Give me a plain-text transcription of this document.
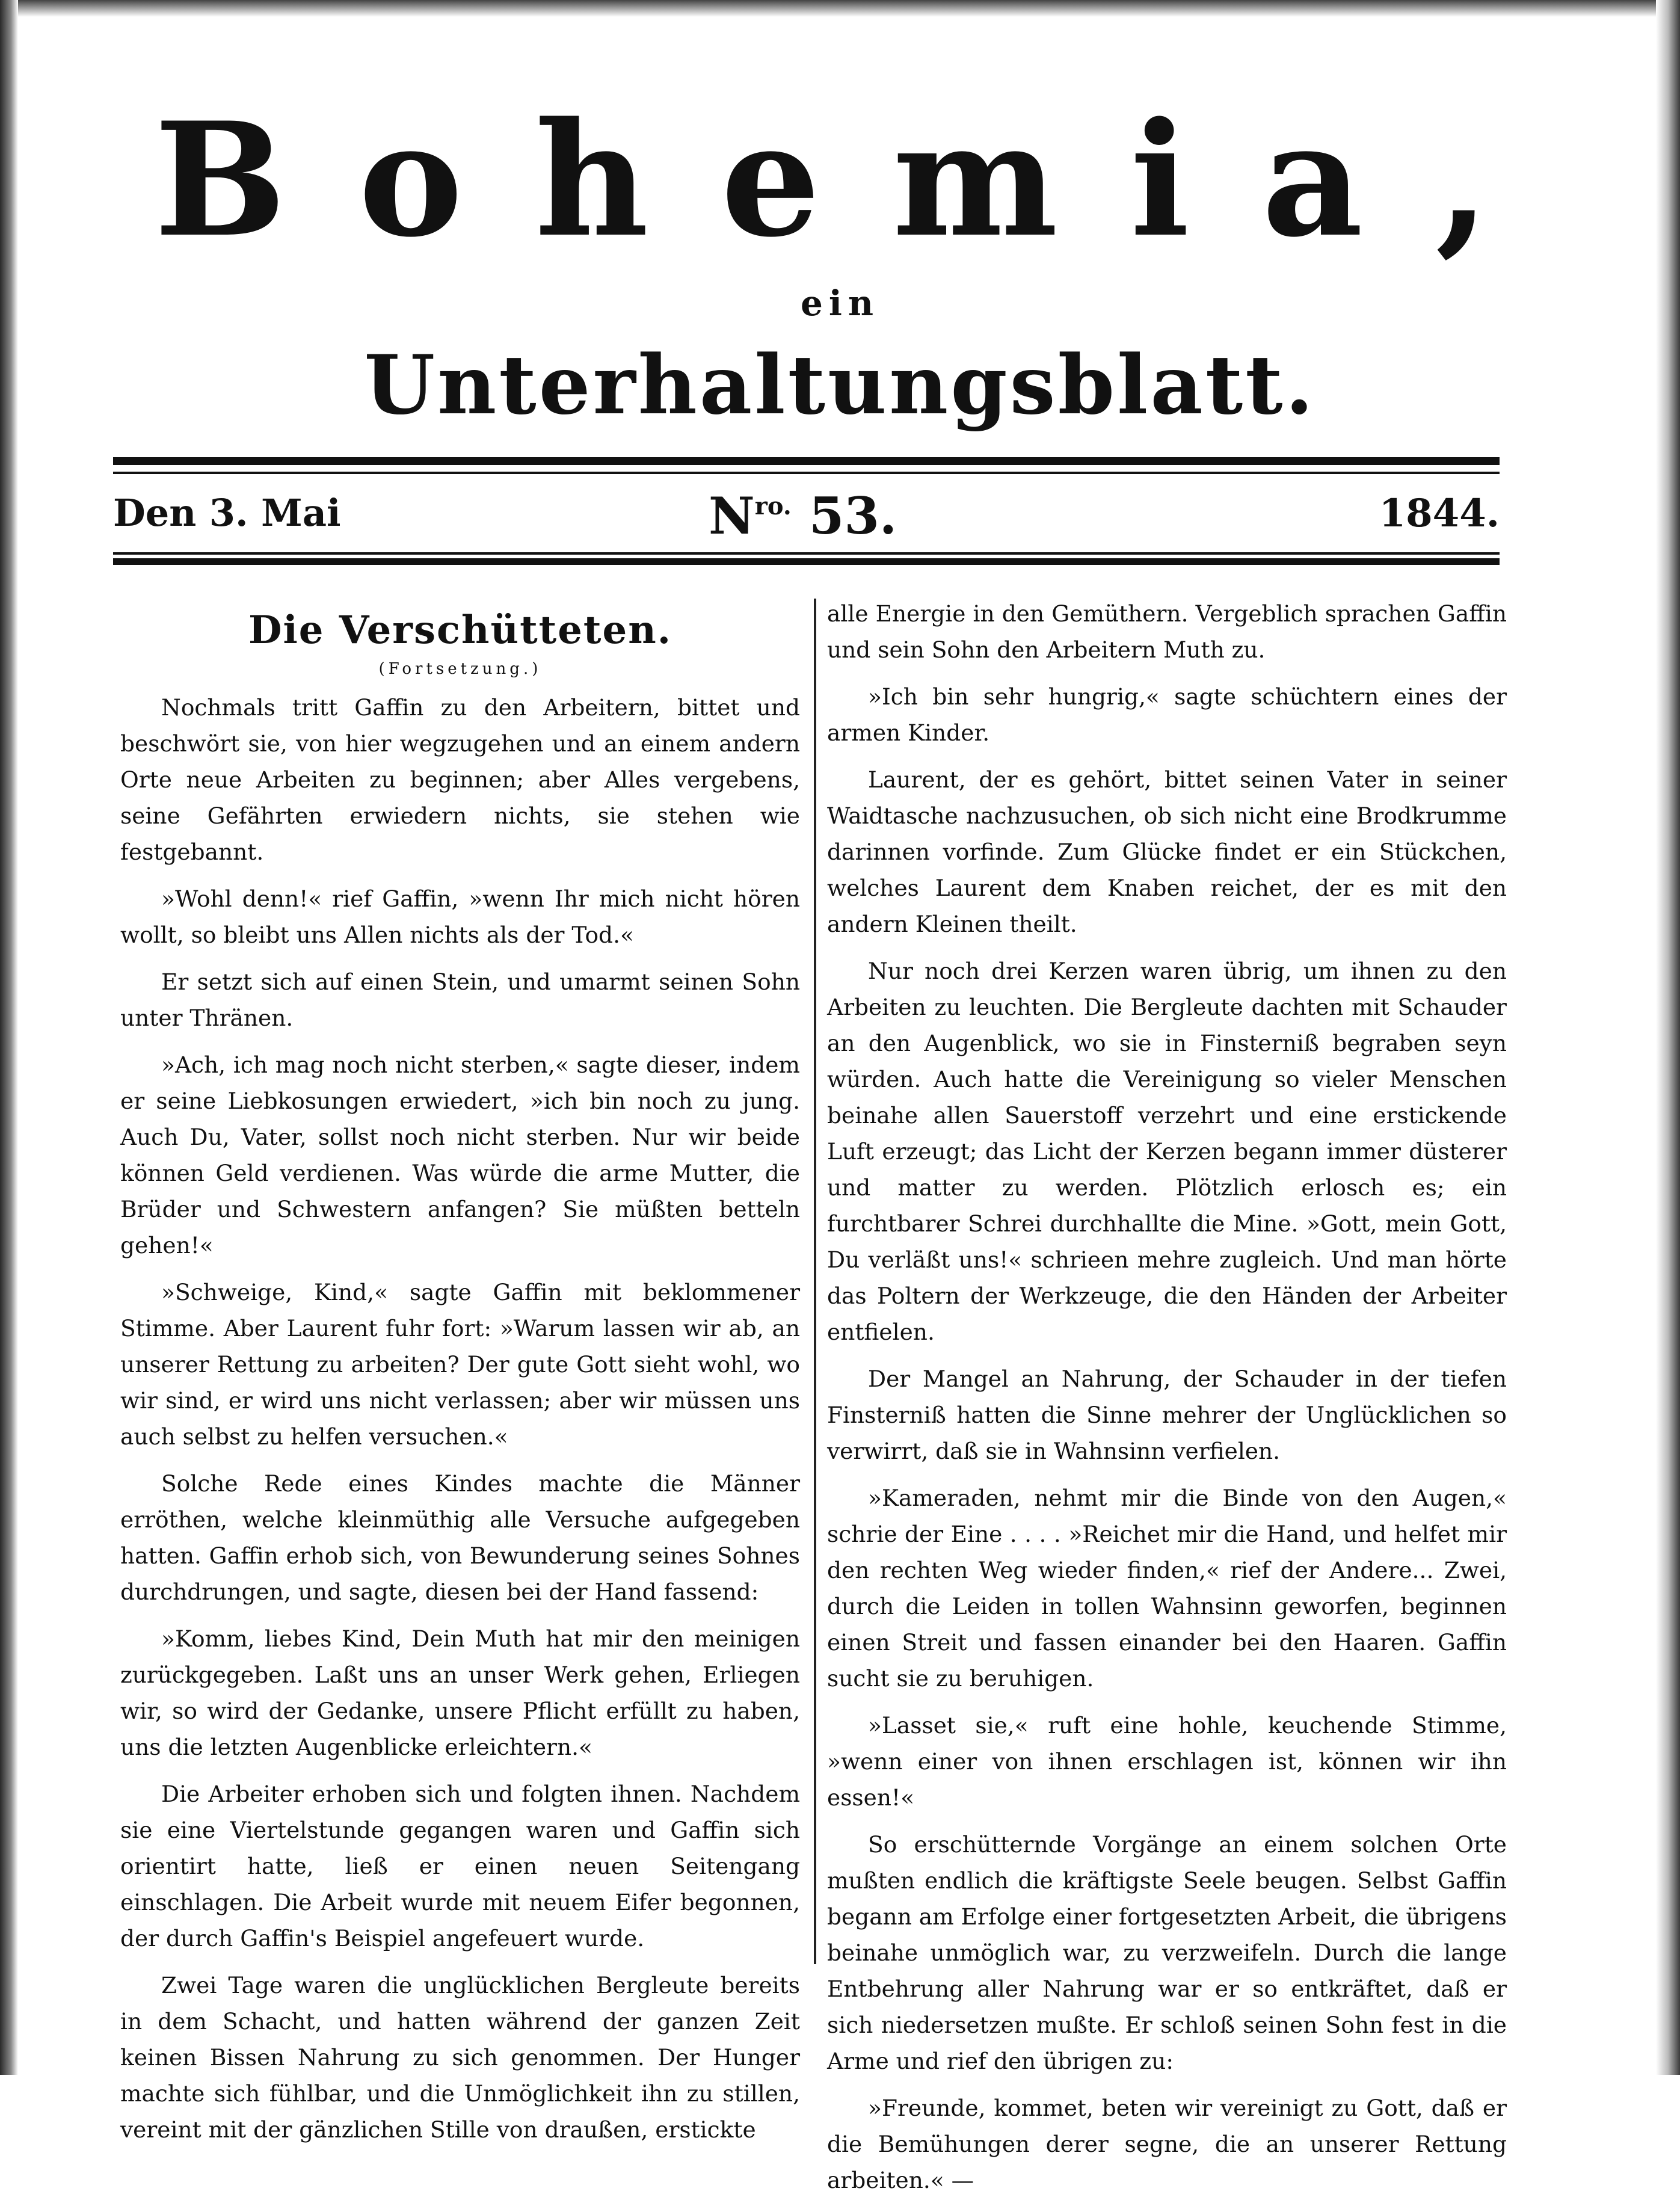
Bohemia,
ein
Unterhaltungsblatt.
Den 3. Mai	$N^{ro.}$ 53.	1844.
Die Verschütteten.
(Fortsetzung.)

Nochmals tritt Gaffin zu den Arbeitern, bittet und beschwört sie, von hier wegzugehen und an einem andern Orte neue Arbeiten zu beginnen; aber Alles vergebens, seine Gefährten erwiedern nichts, sie stehen wie festgebannt.

»Wohl denn!« rief Gaffin, »wenn Ihr mich nicht hören wollt, so bleibt uns Allen nichts als der Tod.«

Er setzt sich auf einen Stein, und umarmt seinen Sohn unter Thränen.

»Ach, ich mag noch nicht sterben,« sagte dieser, indem er seine Liebkosungen erwiedert, »ich bin noch zu jung. Auch Du, Vater, sollst noch nicht sterben. Nur wir beide können Geld verdienen. Was würde die arme Mutter, die Brüder und Schwestern anfangen? Sie müßten betteln gehen!«

»Schweige, Kind,« sagte Gaffin mit beklommener Stimme. Aber Laurent fuhr fort: »Warum lassen wir ab, an unserer Rettung zu arbeiten? Der gute Gott sieht wohl, wo wir sind, er wird uns nicht verlassen; aber wir müssen uns auch selbst zu helfen versuchen.«

Solche Rede eines Kindes machte die Männer erröthen, welche kleinmüthig alle Versuche aufgegeben hatten. Gaffin erhob sich, von Bewunderung seines Sohnes durchdrungen, und sagte, diesen bei der Hand fassend:

»Komm, liebes Kind, Dein Muth hat mir den meinigen zurückgegeben. Laßt uns an unser Werk gehen, Erliegen wir, so wird der Gedanke, unsere Pflicht erfüllt zu haben, uns die letzten Augenblicke erleichtern.«

Die Arbeiter erhoben sich und folgten ihnen. Nachdem sie eine Viertelstunde gegangen waren und Gaffin sich orientirt hatte, ließ er einen neuen Seitengang einschlagen. Die Arbeit wurde mit neuem Eifer begonnen, der durch Gaffin's Beispiel angefeuert wurde.

Zwei Tage waren die unglücklichen Bergleute bereits in dem Schacht, und hatten während der ganzen Zeit keinen Bissen Nahrung zu sich genommen. Der Hunger machte sich fühlbar, und die Unmöglichkeit ihn zu stillen, vereint mit der gänzlichen Stille von draußen, erstickte

alle Energie in den Gemüthern. Vergeblich sprachen Gaffin und sein Sohn den Arbeitern Muth zu.

»Ich bin sehr hungrig,« sagte schüchtern eines der armen Kinder.

Laurent, der es gehört, bittet seinen Vater in seiner Waidtasche nachzusuchen, ob sich nicht eine Brodkrumme darinnen vorfinde. Zum Glücke findet er ein Stückchen, welches Laurent dem Knaben reichet, der es mit den andern Kleinen theilt.

Nur noch drei Kerzen waren übrig, um ihnen zu den Arbeiten zu leuchten. Die Bergleute dachten mit Schauder an den Augenblick, wo sie in Finsterniß begraben seyn würden. Auch hatte die Vereinigung so vieler Menschen beinahe allen Sauerstoff verzehrt und eine erstickende Luft erzeugt; das Licht der Kerzen begann immer düsterer und matter zu werden. Plötzlich erlosch es; ein furchtbarer Schrei durchhallte die Mine. »Gott, mein Gott, Du verläßt uns!« schrieen mehre zugleich. Und man hörte das Poltern der Werkzeuge, die den Händen der Arbeiter entfielen.

Der Mangel an Nahrung, der Schauder in der tiefen Finsterniß hatten die Sinne mehrer der Unglücklichen so verwirrt, daß sie in Wahnsinn verfielen.

»Kameraden, nehmt mir die Binde von den Augen,« schrie der Eine . . . . »Reichet mir die Hand, und helfet mir den rechten Weg wieder finden,« rief der Andere... Zwei, durch die Leiden in tollen Wahnsinn geworfen, beginnen einen Streit und fassen einander bei den Haaren. Gaffin sucht sie zu beruhigen.

»Lasset sie,« ruft eine hohle, keuchende Stimme, »wenn einer von ihnen erschlagen ist, können wir ihn essen!«

So erschütternde Vorgänge an einem solchen Orte mußten endlich die kräftigste Seele beugen. Selbst Gaffin begann am Erfolge einer fortgesetzten Arbeit, die übrigens beinahe unmöglich war, zu verzweifeln. Durch die lange Entbehrung aller Nahrung war er so entkräftet, daß er sich niedersetzen mußte. Er schloß seinen Sohn fest in die Arme und rief den übrigen zu:

»Freunde, kommet, beten wir vereinigt zu Gott, daß er die Bemühungen derer segne, die an unserer Rettung arbeiten.« —
